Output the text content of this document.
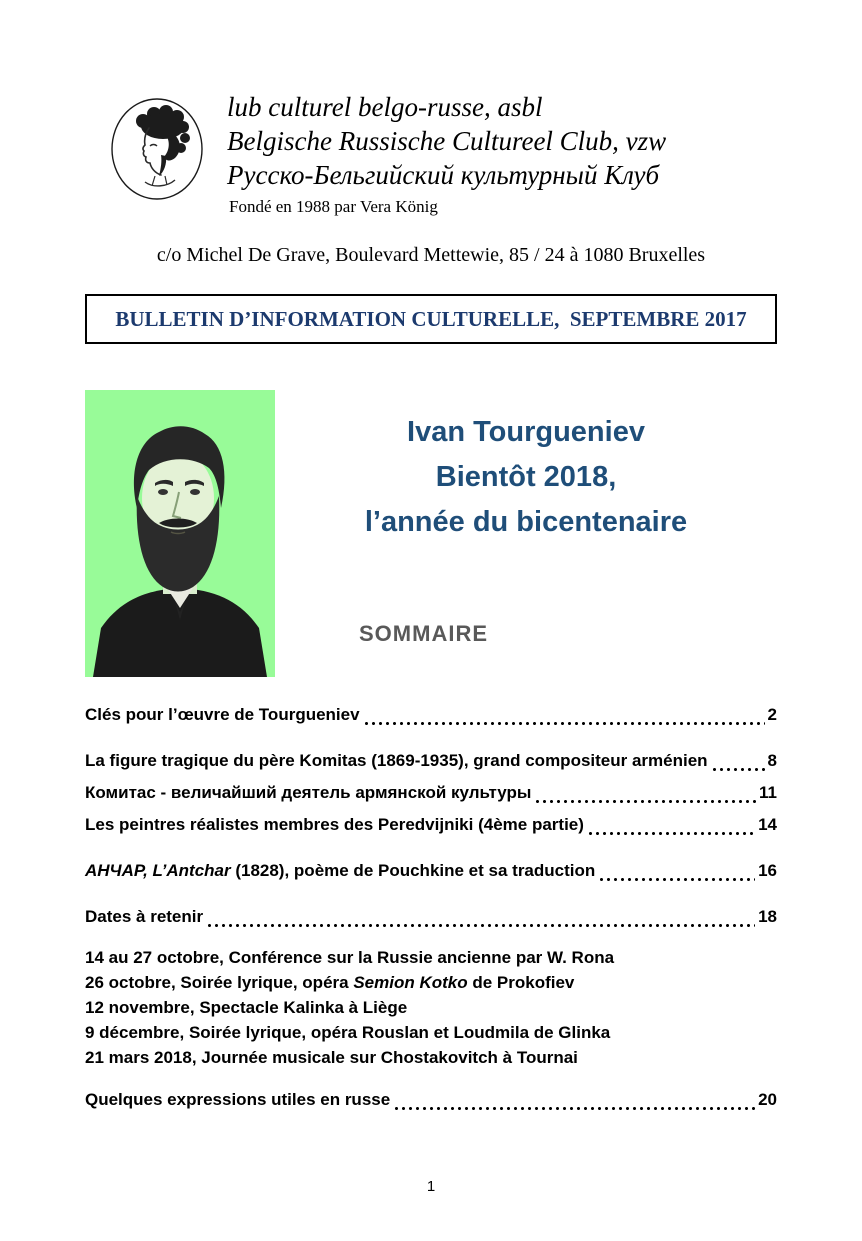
lub culturel belgo-russe, asbl
Belgische Russische Cultureel Club, vzw
Русско-Бельгийский культурный Клуб
Fondé en 1988 par Vera König
c/o Michel De Grave, Boulevard Mettewie, 85 / 24 à 1080 Bruxelles
BULLETIN D’INFORMATION CULTURELLE,  SEPTEMBRE 2017
Ivan Tourgueniev
Bientôt 2018,
l’année du bicentenaire
SOMMAIRE
Clés pour l’œuvre de Tourgueniev	2
La figure tragique du père Komitas (1869-1935), grand compositeur arménien	8
Комитас - величайший деятель армянской культуры	11
Les peintres réalistes membres des Peredvijniki (4ème partie)	14
АНЧАР, L’Antchar (1828), poème de Pouchkine et sa traduction	16
Dates à retenir	18
14 au 27 octobre, Conférence sur la Russie ancienne par W. Rona
26 octobre, Soirée lyrique, opéra Semion Kotko de Prokofiev
12 novembre, Spectacle Kalinka à Liège
9 décembre, Soirée lyrique, opéra Rouslan et Loudmila de Glinka
21 mars 2018, Journée musicale sur Chostakovitch à Tournai
Quelques expressions utiles en russe	20
1
